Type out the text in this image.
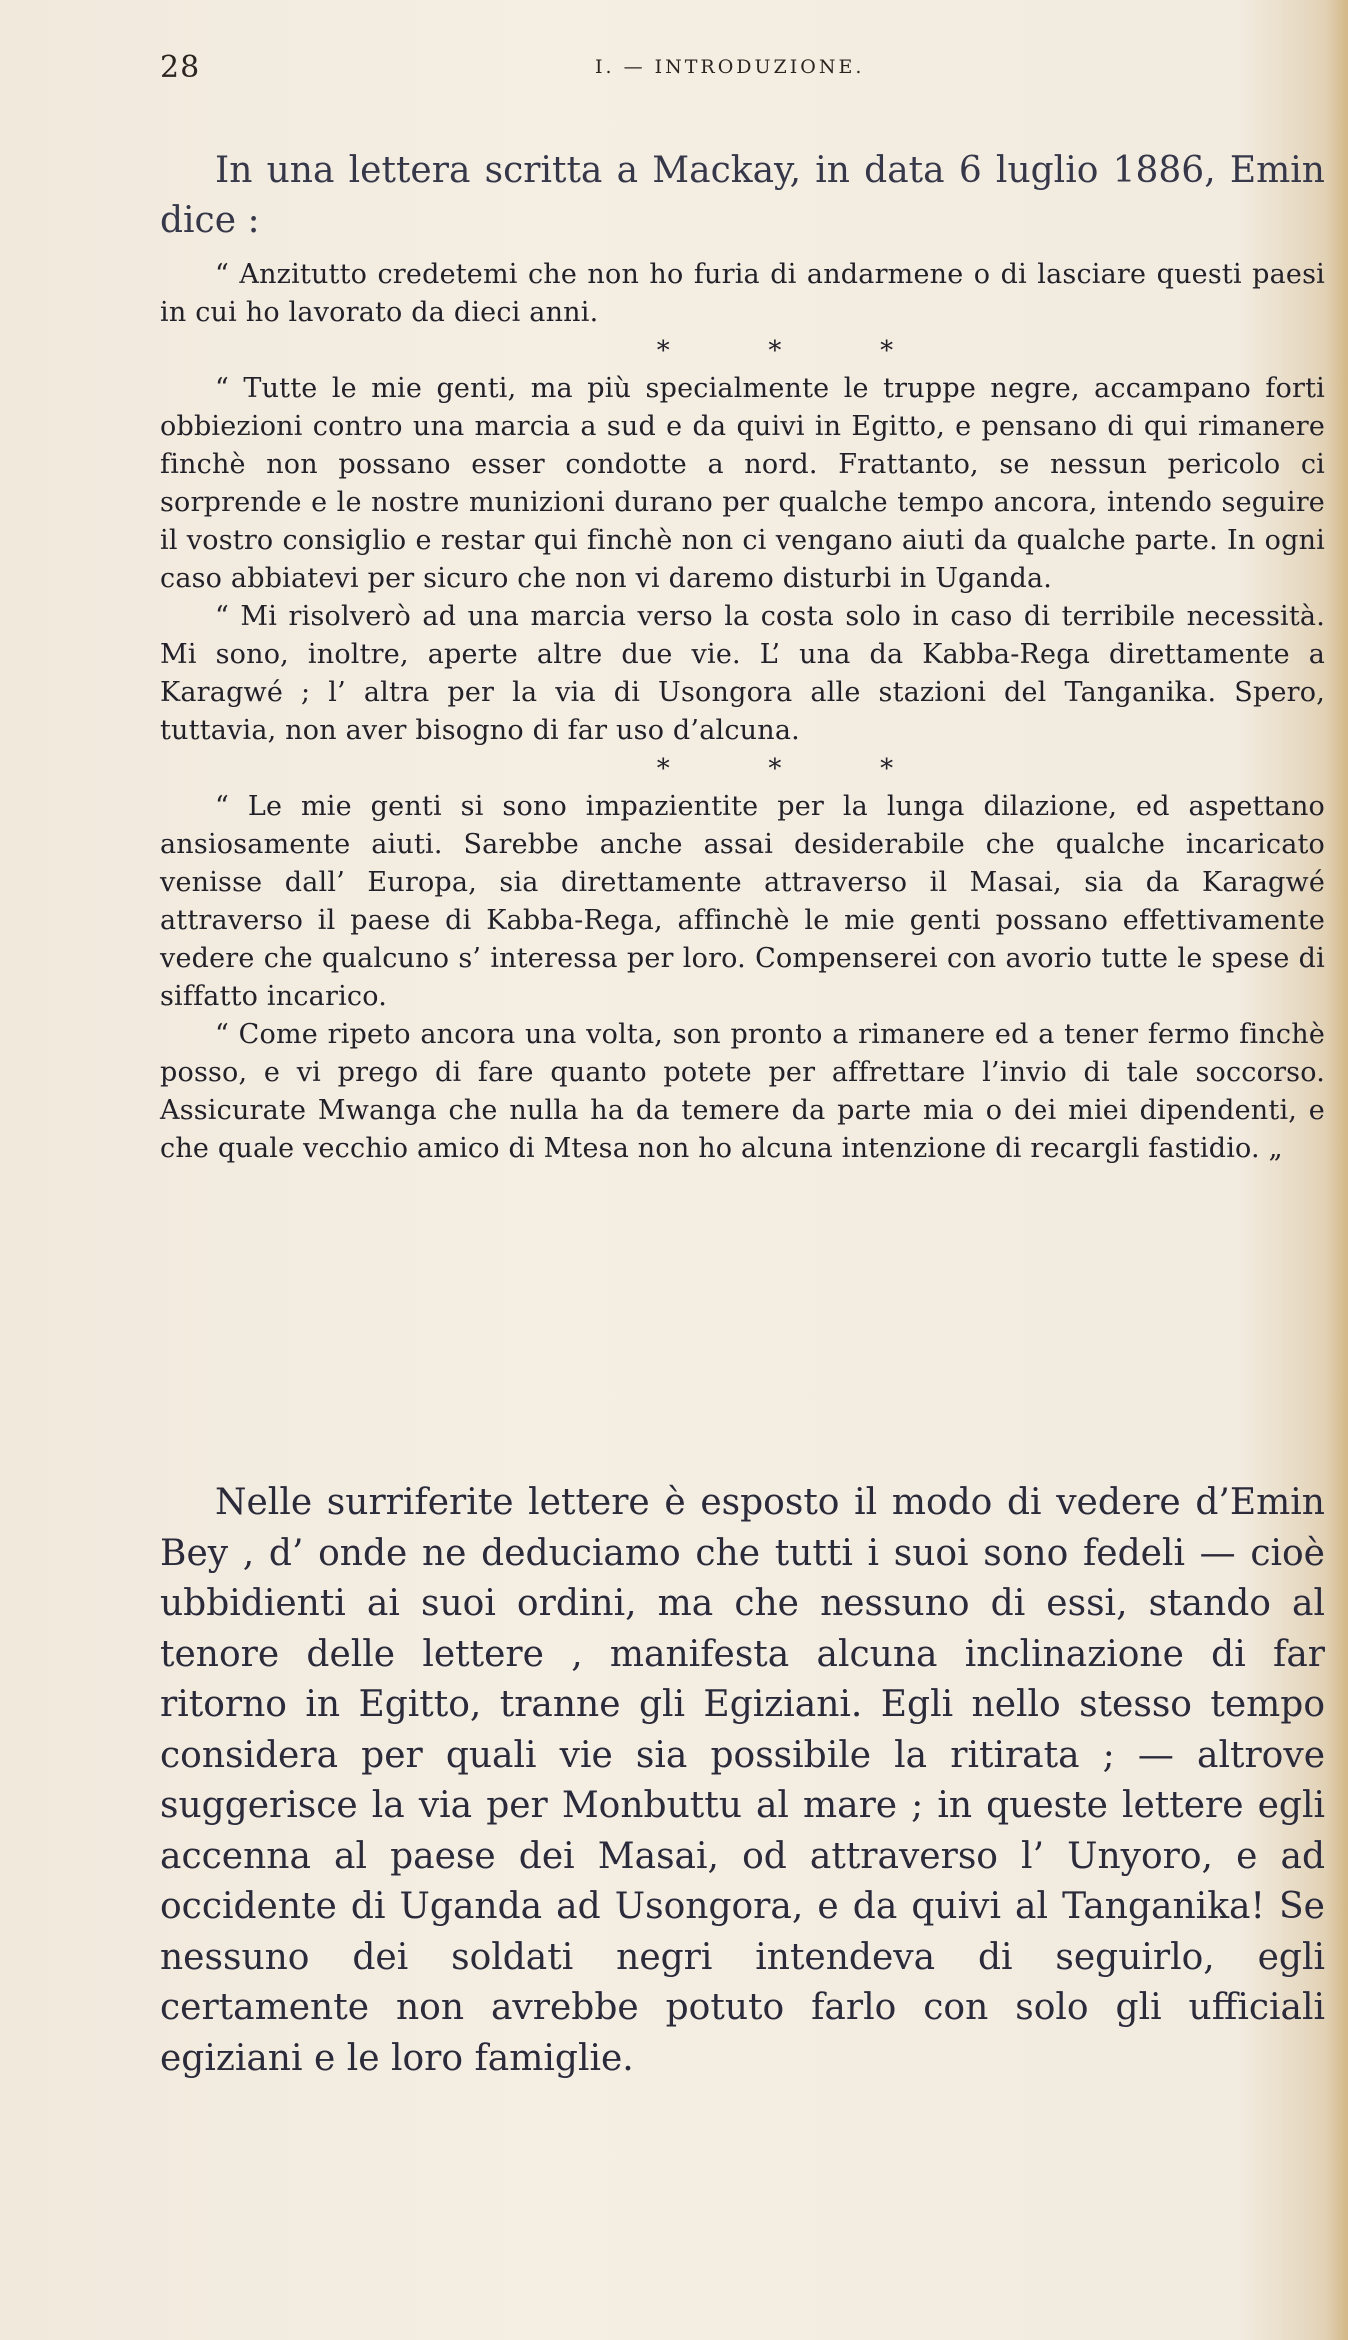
28	I. — INTRODUZIONE.

In una lettera scritta a Mackay, in data 6 luglio 1886, Emin dice :

“ Anzitutto credetemi che non ho furia di andarmene o di lasciare questi paesi in cui ho lavorato da dieci anni.

* * *

“ Tutte le mie genti, ma più specialmente le truppe negre, accampano forti obbiezioni contro una marcia a sud e da quivi in Egitto, e pensano di qui rimanere finchè non possano esser condotte a nord. Frattanto, se nessun pericolo ci sorprende e le nostre munizioni durano per qualche tempo ancora, intendo seguire il vostro consiglio e restar qui finchè non ci vengano aiuti da qualche parte. In ogni caso abbiatevi per sicuro che non vi daremo disturbi in Uganda.

“ Mi risolverò ad una marcia verso la costa solo in caso di terribile necessità. Mi sono, inoltre, aperte altre due vie. L’ una da Kabba-Rega direttamente a Karagwé ; l’ altra per la via di Usongora alle stazioni del Tanganika. Spero, tuttavia, non aver bisogno di far uso d’alcuna.

* * *

“ Le mie genti si sono impazientite per la lunga dilazione, ed aspettano ansiosamente aiuti. Sarebbe anche assai desiderabile che qualche incaricato venisse dall’ Europa, sia direttamente attraverso il Masai, sia da Karagwé attraverso il paese di Kabba-Rega, affinchè le mie genti possano effettivamente vedere che qualcuno s’ interessa per loro. Compenserei con avorio tutte le spese di siffatto incarico.

“ Come ripeto ancora una volta, son pronto a rimanere ed a tener fermo finchè posso, e vi prego di fare quanto potete per affrettare l’invio di tale soccorso. Assicurate Mwanga che nulla ha da temere da parte mia o dei miei dipendenti, e che quale vecchio amico di Mtesa non ho alcuna intenzione di recargli fastidio. „

Nelle surriferite lettere è esposto il modo di vedere d’Emin Bey , d’ onde ne deduciamo che tutti i suoi sono fedeli — cioè ubbidienti ai suoi ordini, ma che nessuno di essi, stando al tenore delle lettere , manifesta alcuna inclinazione di far ritorno in Egitto, tranne gli Egiziani. Egli nello stesso tempo considera per quali vie sia possibile la ritirata ; — altrove suggerisce la via per Monbuttu al mare ; in queste lettere egli accenna al paese dei Masai, od attraverso l’ Unyoro, e ad occidente di Uganda ad Usongora, e da quivi al Tanganika! Se nessuno dei soldati negri intendeva di seguirlo, egli certamente non avrebbe potuto farlo con solo gli ufficiali egiziani e le loro famiglie.
